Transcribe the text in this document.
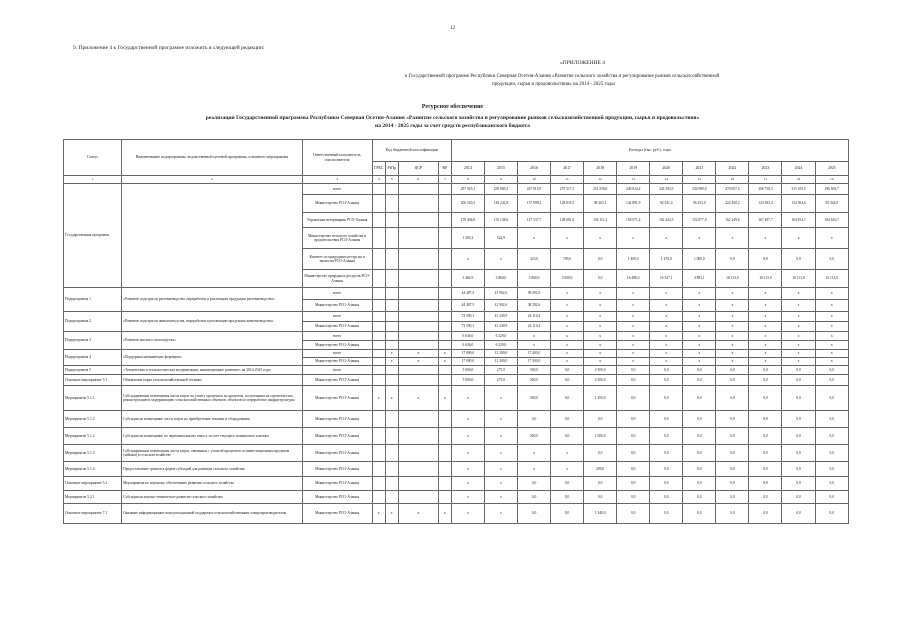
12
9. Приложение 4 к Государственной программе изложить в следующей редакции:
«ПРИЛОЖЕНИЕ 4
к Государственной программе Республики Северная Осетия-Алания «Развитие сельского хозяйства и регулирование рынков сельскохозяйственной
продукции, сырья и продовольствия» на 2014 - 2025 годы
Ресурсное обеспечение
реализации Государственной программы Республики Северная Осетия-Алания «Развитие сельского хозяйства и регулирование рынков сельскохозяйственной продукции, сырья и продовольствия»
на 2014 - 2025 годы за счет средств республиканского бюджета
Статус	Наименование подпрограммы, ведомственной целевой программы, основного мероприятия	Ответственный исполнитель, соисполнители	Код бюджетной классификации				Расходы (тыс. руб.), годы											
			ГРБС	РзПр	ЦСР	ВР	2014	2015	2016	2017	2018	2019	2020	2021	2022	2023	2024	2025
1	2	3	4	5	6	7	8	9	10	11	12	13	14	15	16	17	18	19
Государственная программа		всего					257 923,1	239 969,2	227 913,9	257 317,1	252 558,0	240 024,4	245 392,9	234 980,0	470 057,5	306 758,3	315 109,5	296 693,7
		Министерство РСО-Алания					206 520,3	149 242,8	157 998,2	128 635,5	98 263,1	142 891,9	92 541,4	96 253,0	222 458,2	123 383,4	134 504,6	95 344,0
		Управление ветеринарии РСО-Алания					170 404,6	135 138,6	127 537,7	128 681,6	154 111,4	158 071,4	162 422,5	152 877,0	162 249,6	167 497,7	164 814,7	184 616,7
		Министерство сельского хозяйства и продовольствия РСО-Алания					1 305,2	522,9	х	х	х	х	х	х	х	х	х	х
		Комитет по природным ресурсам и экологии РСО-Алания					х	х	323,0	700,0	0,0	1 400,0	1 470,0	1 000,0	0,0	0,0	0,0	0,0
		Министерство природных ресурсов РСО-Алания					3 482,9	3 860,0	3 860,0	5 000,0	0,0	16 488,4	16 547,1	4 893,1	16 113,0	16 113,0	16 113,0	16 113,0
Подпрограмма 1	«Развитие подотрасли растениеводства, переработки и реализации продукции растениеводства»	всего					44 487,5	41 902,6	38 292,6	х	х	х	х	х	х	х	х	х
		Министерство РСО-Алания					44 487,5	41 902,6	38 292,6	х	х	х	х	х	х	х	х	х
Подпрограмма 2	«Развитие подотрасли животноводства, переработки и реализации продукции животноводства»	всего					73 590,1	41 249,9	24 110,4	х	х	х	х	х	х	х	х	х
		Министерство РСО-Алания					73 590,1	41 249,9	24 110,4	х	х	х	х	х	х	х	х	х
Подпрограмма 3	«Развитие мясного скотоводства»	всего					6 636,0	6 329,0	х	х	х	х	х	х	х	х	х	х
		Министерство РСО-Алания					6 636,0	6 329,0	х	х	х	х	х	х	х	х	х	х
Подпрограмма 4	«Поддержка начинающих фермеров»	всего		х	х	х	17 000,0	12 200,0	17 200,0	х	х	х	х	х	х	х	х	х
		Министерство РСО-Алания		х	х	х	17 000,0	12 200,0	17 200,0	х	х	х	х	х	х	х	х	х
Подпрограмма 5	«Техническая и технологическая модернизация, инновационное развитие» на 2014-2025 годы	всего					5 000,0	275,0	500,0	0,0	2 500,0	0,0	0,0	0,0	0,0	0,0	0,0	0,0
Основное мероприятие 5.1	Обновление парка сельскохозяйственной техники	Министерство РСО-Алания					5 000,0	275,0	500,0	0,0	2 500,0	0,0	0,0	0,0	0,0	0,0	0,0	0,0
Мероприятие 5.1.1	Субсидирование возмещения части затрат на уплату процентов по кредитам, полученным на строительство, реконструкцию и модернизацию сельскохозяйственных объектов, объектов по переработке, инфраструктуры	Министерство РСО-Алания	х	х	х	х	х	х	500,0	0,0	1 200,0	0,0	0,0	0,0	0,0	0,0	0,0	0,0
Мероприятие 5.1.2	Субсидии на возмещение части затрат на приобретение техники и оборудования	Министерство РСО-Алания					х	х	0,0	0,0	0,0	0,0	0,0	0,0	0,0	0,0	0,0	0,0
Мероприятие 5.1.2	Субсидии на возмещение по первоначальному взносу за счет текущего лизингового платежа	Министерство РСО-Алания					х	х	500,0	0,0	1 000,0	0,0	0,0	0,0	0,0	0,0	0,0	0,0
Мероприятие 5.1.3	Субсидирование возмещения части затрат, связанных с уплатой процентов по инвестиционным кредитам (займам) в сельском хозяйстве	Министерство РСО-Алания					х	х	х	х	0,0	0,0	0,0	0,0	0,0	0,0	0,0	0,0
Мероприятие 5.1.4	Предоставление грантов в форме субсидий для развития сельского хозяйства	Министерство РСО-Алания					х	х	х	х	200,0	0,0	0,0	0,0	0,0	0,0	0,0	0,0
Основное мероприятие 5.2	Мероприятия по научному обеспечению развития сельского хозяйства	Министерство РСО-Алания					х	х	0,0	0,0	0,0	0,0	0,0	0,0	0,0	0,0	0,0	0,0
Мероприятие 5.2.1	Субсидии на научно-техническое развитие сельского хозяйства	Министерство РСО-Алания					х	х	0,0	0,0	0,0	0,0	0,0	0,0	0,0	0,0	0,0	0,0
Основное мероприятие 7.1	Оказание информационно-консультационной поддержки сельскохозяйственным товаропроизводителям	Министерство РСО-Алания	х	х	х	х	х	х	0,0	0,0	1 340,0	0,0	0,0	0,0	0,0	0,0	0,0	0,0
